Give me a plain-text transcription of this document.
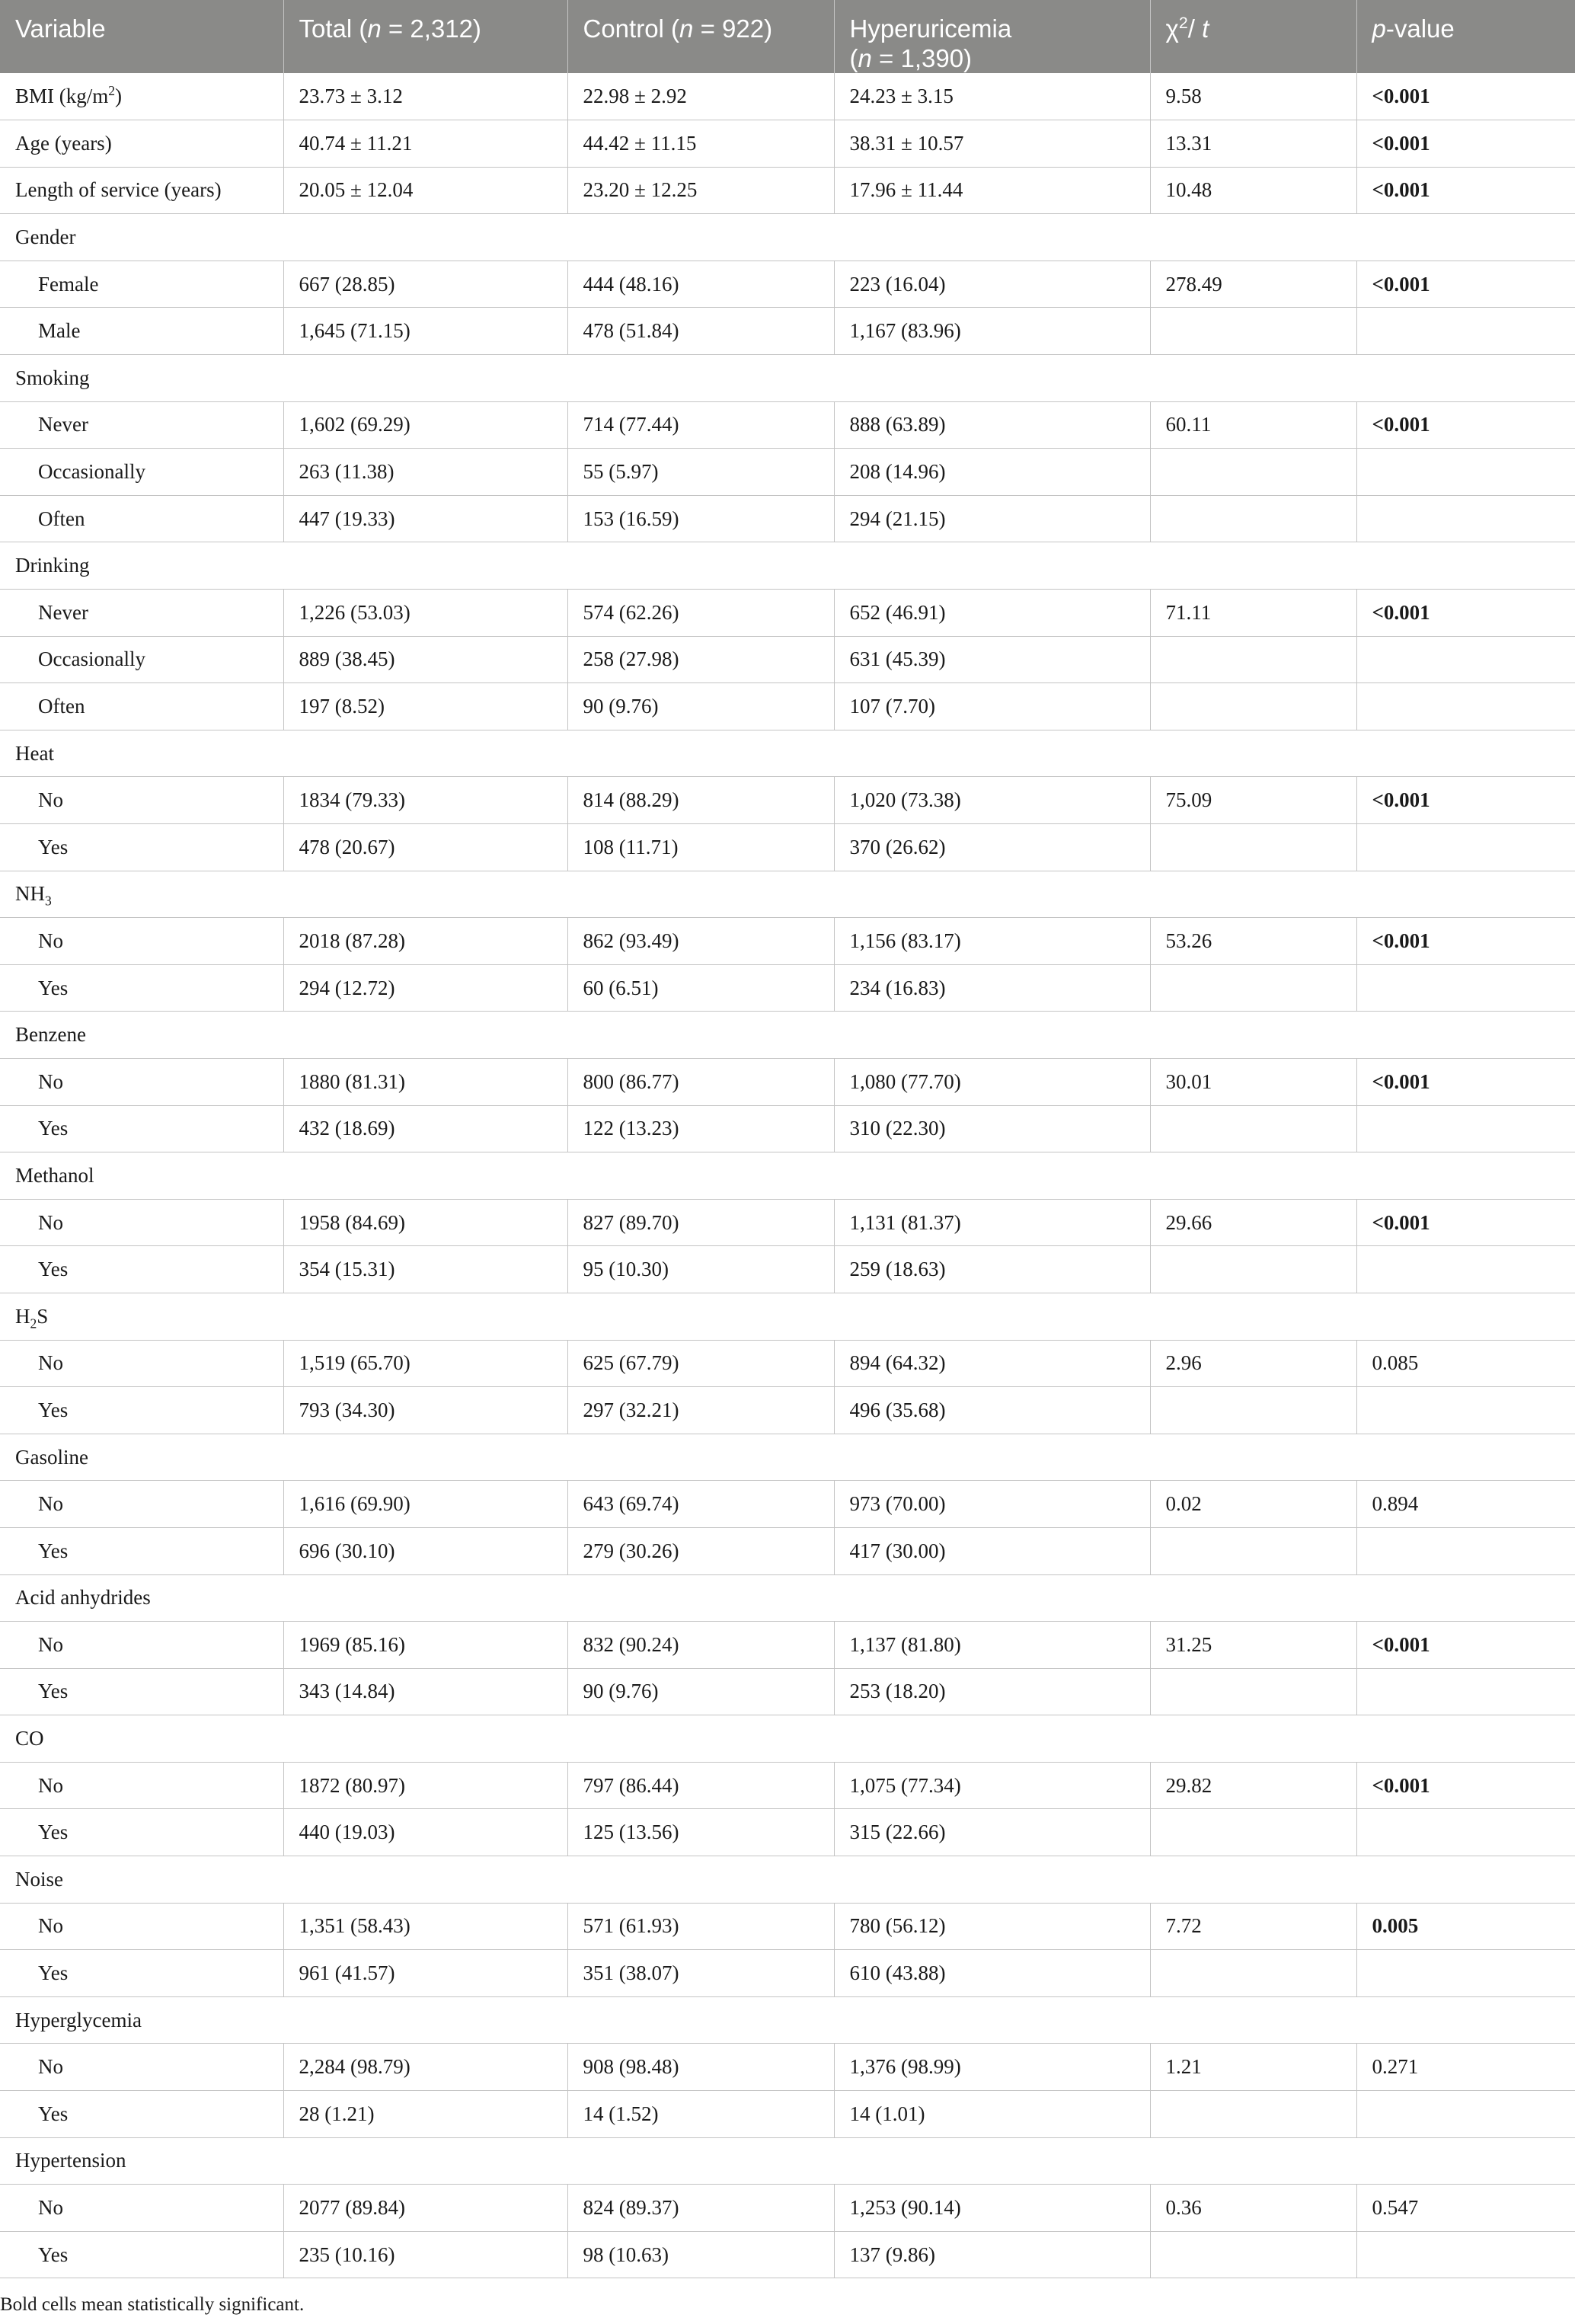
Variable	Total (n = 2,312)	Control (n = 922)	Hyperuricemia
(n = 1,390)	$\chi^2/$ t	p-value
BMI $(kg/m^2)$	23.73 ± 3.12	22.98 ± 2.92	24.23 ± 3.15	9.58	<0.001
Age (years)	40.74 ± 11.21	44.42 ± 11.15	38.31 ± 10.57	13.31	<0.001
Length of service (years)	20.05 ± 12.04	23.20 ± 12.25	17.96 ± 11.44	10.48	<0.001
Gender					
Female	667 (28.85)	444 (48.16)	223 (16.04)	278.49	<0.001
Male	1,645 (71.15)	478 (51.84)	1,167 (83.96)		
Smoking					
Never	1,602 (69.29)	714 (77.44)	888 (63.89)	60.11	<0.001
Occasionally	263 (11.38)	55 (5.97)	208 (14.96)		
Often	447 (19.33)	153 (16.59)	294 (21.15)		
Drinking					
Never	1,226 (53.03)	574 (62.26)	652 (46.91)	71.11	<0.001
Occasionally	889 (38.45)	258 (27.98)	631 (45.39)		
Often	197 (8.52)	90 (9.76)	107 (7.70)		
Heat					
No	1834 (79.33)	814 (88.29)	1,020 (73.38)	75.09	<0.001
Yes	478 (20.67)	108 (11.71)	370 (26.62)		
$NH_3$
No	2018 (87.28)	862 (93.49)	1,156 (83.17)	53.26	<0.001
Yes	294 (12.72)	60 (6.51)	234 (16.83)		
Benzene					
No	1880 (81.31)	800 (86.77)	1,080 (77.70)	30.01	<0.001
Yes	432 (18.69)	122 (13.23)	310 (22.30)		
Methanol					
No	1958 (84.69)	827 (89.70)	1,131 (81.37)	29.66	<0.001
Yes	354 (15.31)	95 (10.30)	259 (18.63)		
$H_2S$					
No	1,519 (65.70)	625 (67.79)	894 (64.32)	2.96	0.085
Yes	793 (34.30)	297 (32.21)	496 (35.68)		
Gasoline					
No	1,616 (69.90)	643 (69.74)	973 (70.00)	0.02	0.894
Yes	696 (30.10)	279 (30.26)	417 (30.00)		
Acid anhydrides					
No	1969 (85.16)	832 (90.24)	1,137 (81.80)	31.25	<0.001
Yes	343 (14.84)	90 (9.76)	253 (18.20)		
CO					
No	1872 (80.97)	797 (86.44)	1,075 (77.34)	29.82	<0.001
Yes	440 (19.03)	125 (13.56)	315 (22.66)		
Noise					
No	1,351 (58.43)	571 (61.93)	780 (56.12)	7.72	0.005
Yes	961 (41.57)	351 (38.07)	610 (43.88)		
Hyperglycemia					
No	2,284 (98.79)	908 (98.48)	1,376 (98.99)	1.21	0.271
Yes	28 (1.21)	14 (1.52)	14 (1.01)		
Hypertension					
No	2077 (89.84)	824 (89.37)	1,253 (90.14)	0.36	0.547
Yes	235 (10.16)	98 (10.63)	137 (9.86)		
Bold cells mean statistically significant.
